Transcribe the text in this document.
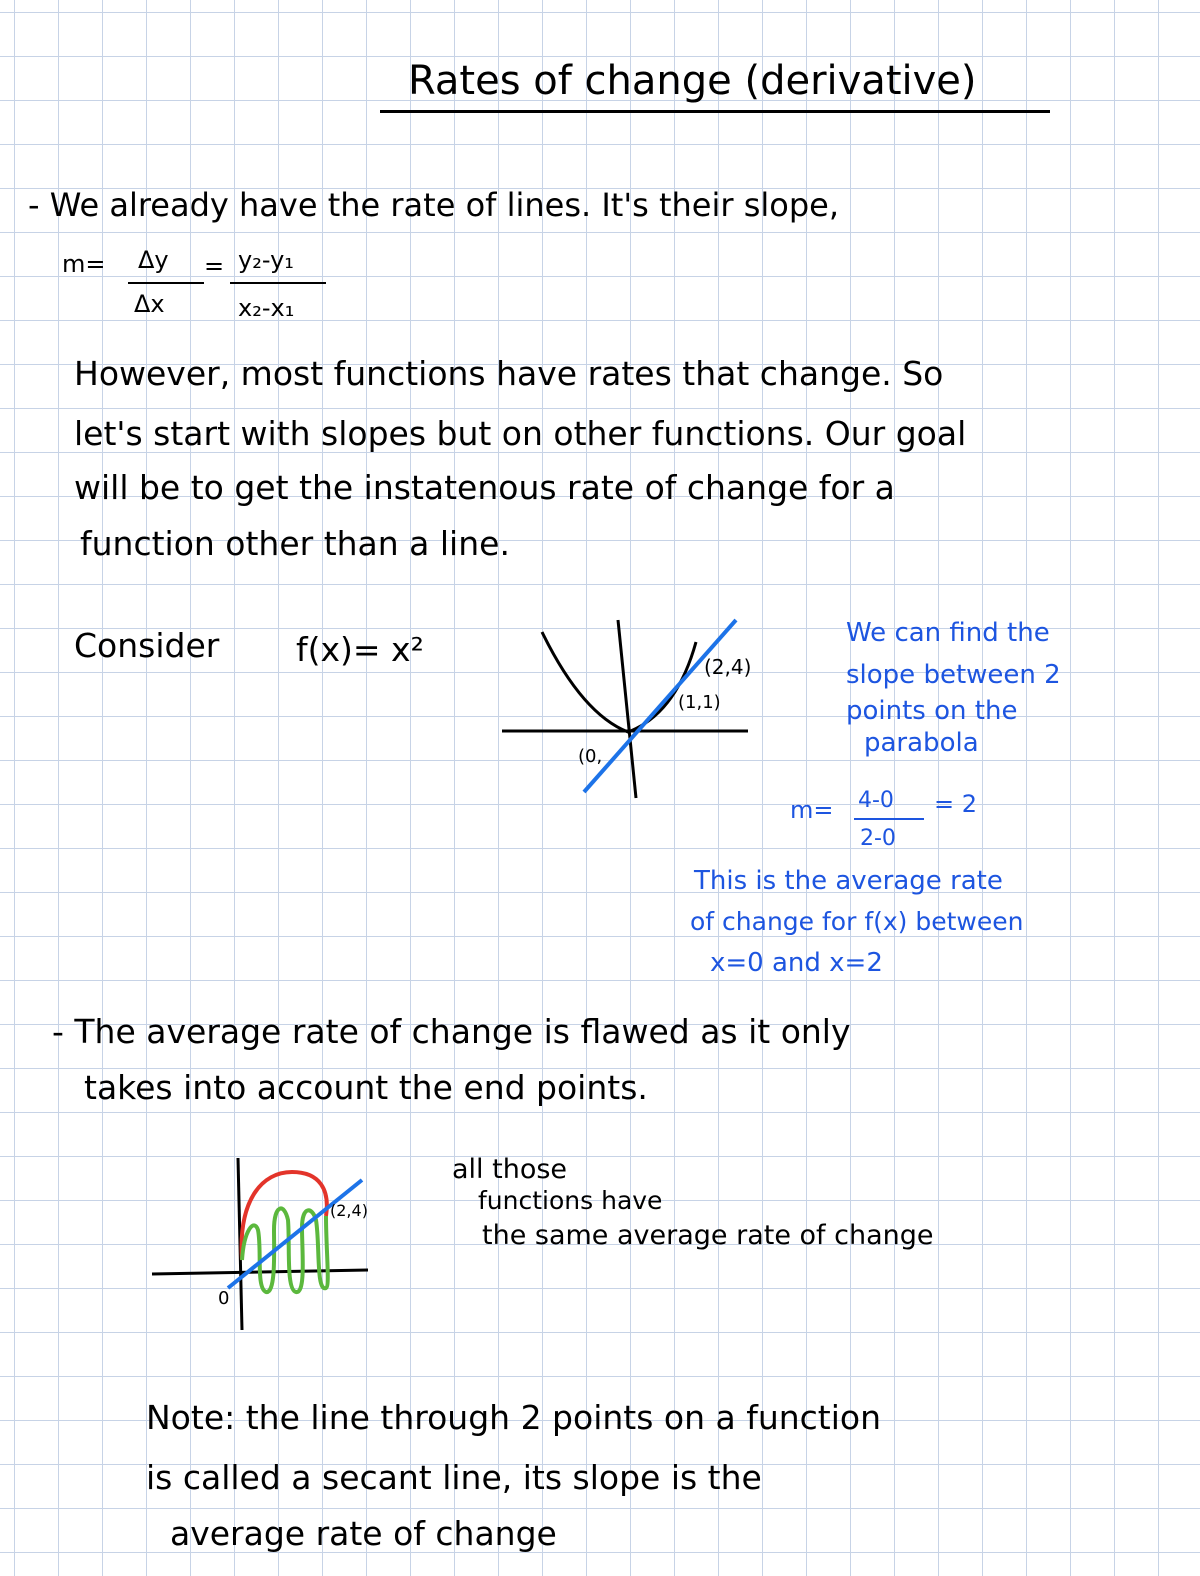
Rates of change (derivative)
- We already have the rate of lines. It's their slope,
m= Δy
Δx
= y₂-y₁
x₂-x₁
However, most functions have rates that change. So
let's start with slopes but on other functions. Our goal
will be to get the instatenous rate of change for a
function other than a line.
Consider f(x)= x²	(2,4)
(1,1)
(0,
We can find the
slope between 2
points on the
parabola
m= 4-0
2-0
= 2
This is the average rate
of change for f(x) between
x=0 and x=2
- The average rate of change is flawed as it only
takes into account the end points.
(2,4)
0
all those
functions have
the same average rate of change
Note: the line through 2 points on a function
is called a secant line, its slope is the
average rate of change
